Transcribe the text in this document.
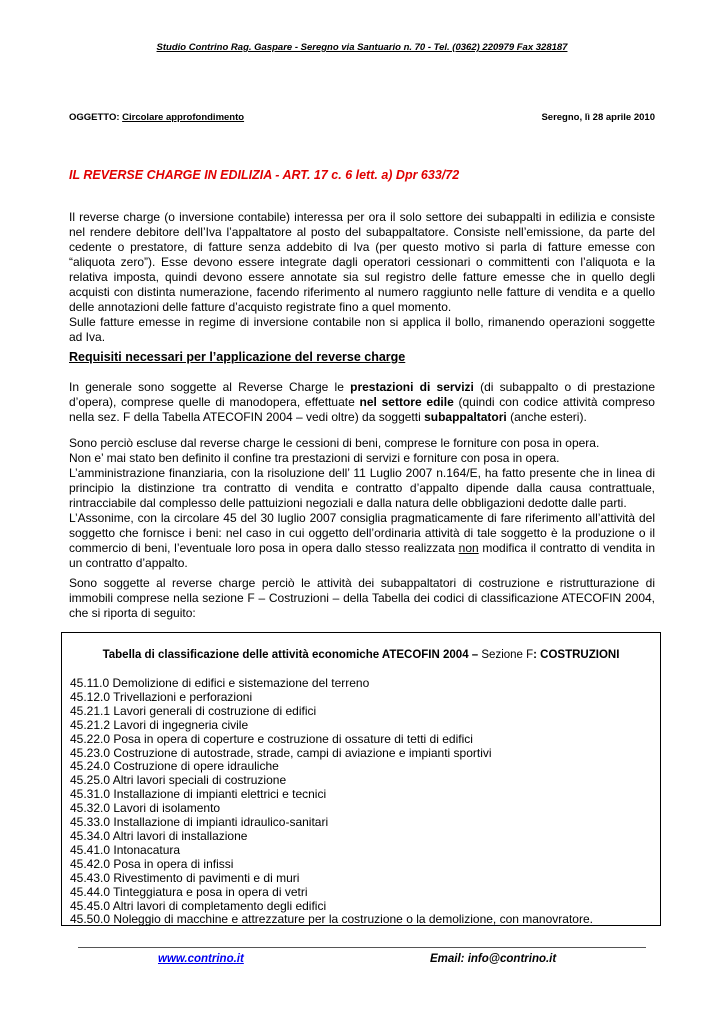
Studio Contrino Rag. Gaspare - Seregno via Santuario n. 70 - Tel. (0362) 220979 Fax 328187
OGGETTO: Circolare approfondimento	Seregno, lì 28 aprile 2010
IL REVERSE CHARGE IN EDILIZIA - ART. 17 c. 6 lett. a) Dpr 633/72

Il reverse charge (o inversione contabile) interessa per ora il solo settore dei subappalti in edilizia e consiste nel rendere debitore dell’Iva l’appaltatore al posto del subappaltatore. Consiste nell’emissione, da parte del cedente o prestatore, di fatture senza addebito di Iva (per questo motivo si parla di fatture emesse con “aliquota zero”). Esse devono essere integrate dagli operatori cessionari o committenti con l’aliquota e la relativa imposta, quindi devono essere annotate sia sul registro delle fatture emesse che in quello degli acquisti con distinta numerazione, facendo riferimento al numero raggiunto nelle fatture di vendita e a quello delle annotazioni delle fatture d’acquisto registrate fino a quel momento.

Sulle fatture emesse in regime di inversione contabile non si applica il bollo, rimanendo operazioni soggette ad Iva.

Requisiti necessari per l’applicazione del reverse charge

In generale sono soggette al Reverse Charge le prestazioni di servizi (di subappalto o di prestazione d’opera), comprese quelle di manodopera, effettuate nel settore edile (quindi con codice attività compreso nella sez. F della Tabella ATECOFIN 2004 – vedi oltre) da soggetti subappaltatori (anche esteri).

Sono perciò escluse dal reverse charge le cessioni di beni, comprese le forniture con posa in opera.

Non e’ mai stato ben definito il confine tra prestazioni di servizi e forniture con posa in opera.

L’amministrazione finanziaria, con la risoluzione dell’ 11 Luglio 2007 n.164/E, ha fatto presente che in linea di principio la distinzione tra contratto di vendita e contratto d’appalto dipende dalla causa contrattuale, rintracciabile dal complesso delle pattuizioni negoziali e dalla natura delle obbligazioni dedotte dalle parti.

L’Assonime, con la circolare 45 del 30 luglio 2007 consiglia pragmaticamente di fare riferimento all’attività del soggetto che fornisce i beni: nel caso in cui oggetto dell’ordinaria attività di tale soggetto è la produzione o il commercio di beni, l’eventuale loro posa in opera dallo stesso realizzata non modifica il contratto di vendita in un contratto d’appalto.

Sono soggette al reverse charge perciò le attività dei subappaltatori di costruzione e ristrutturazione di immobili comprese nella sezione F – Costruzioni – della Tabella dei codici di classificazione ATECOFIN 2004, che si riporta di seguito:
Tabella di classificazione delle attività economiche ATECOFIN 2004 – Sezione F: COSTRUZIONI
45.11.0 Demolizione di edifici e sistemazione del terreno
45.12.0 Trivellazioni e perforazioni
45.21.1 Lavori generali di costruzione di edifici
45.21.2 Lavori di ingegneria civile
45.22.0 Posa in opera di coperture e costruzione di ossature di tetti di edifici
45.23.0 Costruzione di autostrade, strade, campi di aviazione e impianti sportivi
45.24.0 Costruzione di opere idrauliche
45.25.0 Altri lavori speciali di costruzione
45.31.0 Installazione di impianti elettrici e tecnici
45.32.0 Lavori di isolamento
45.33.0 Installazione di impianti idraulico-sanitari
45.34.0 Altri lavori di installazione
45.41.0 Intonacatura
45.42.0 Posa in opera di infissi
45.43.0 Rivestimento di pavimenti e di muri
45.44.0 Tinteggiatura e posa in opera di vetri
45.45.0 Altri lavori di completamento degli edifici
45.50.0 Noleggio di macchine e attrezzature per la costruzione o la demolizione, con manovratore.
www.contrino.it	Email: info@contrino.it
